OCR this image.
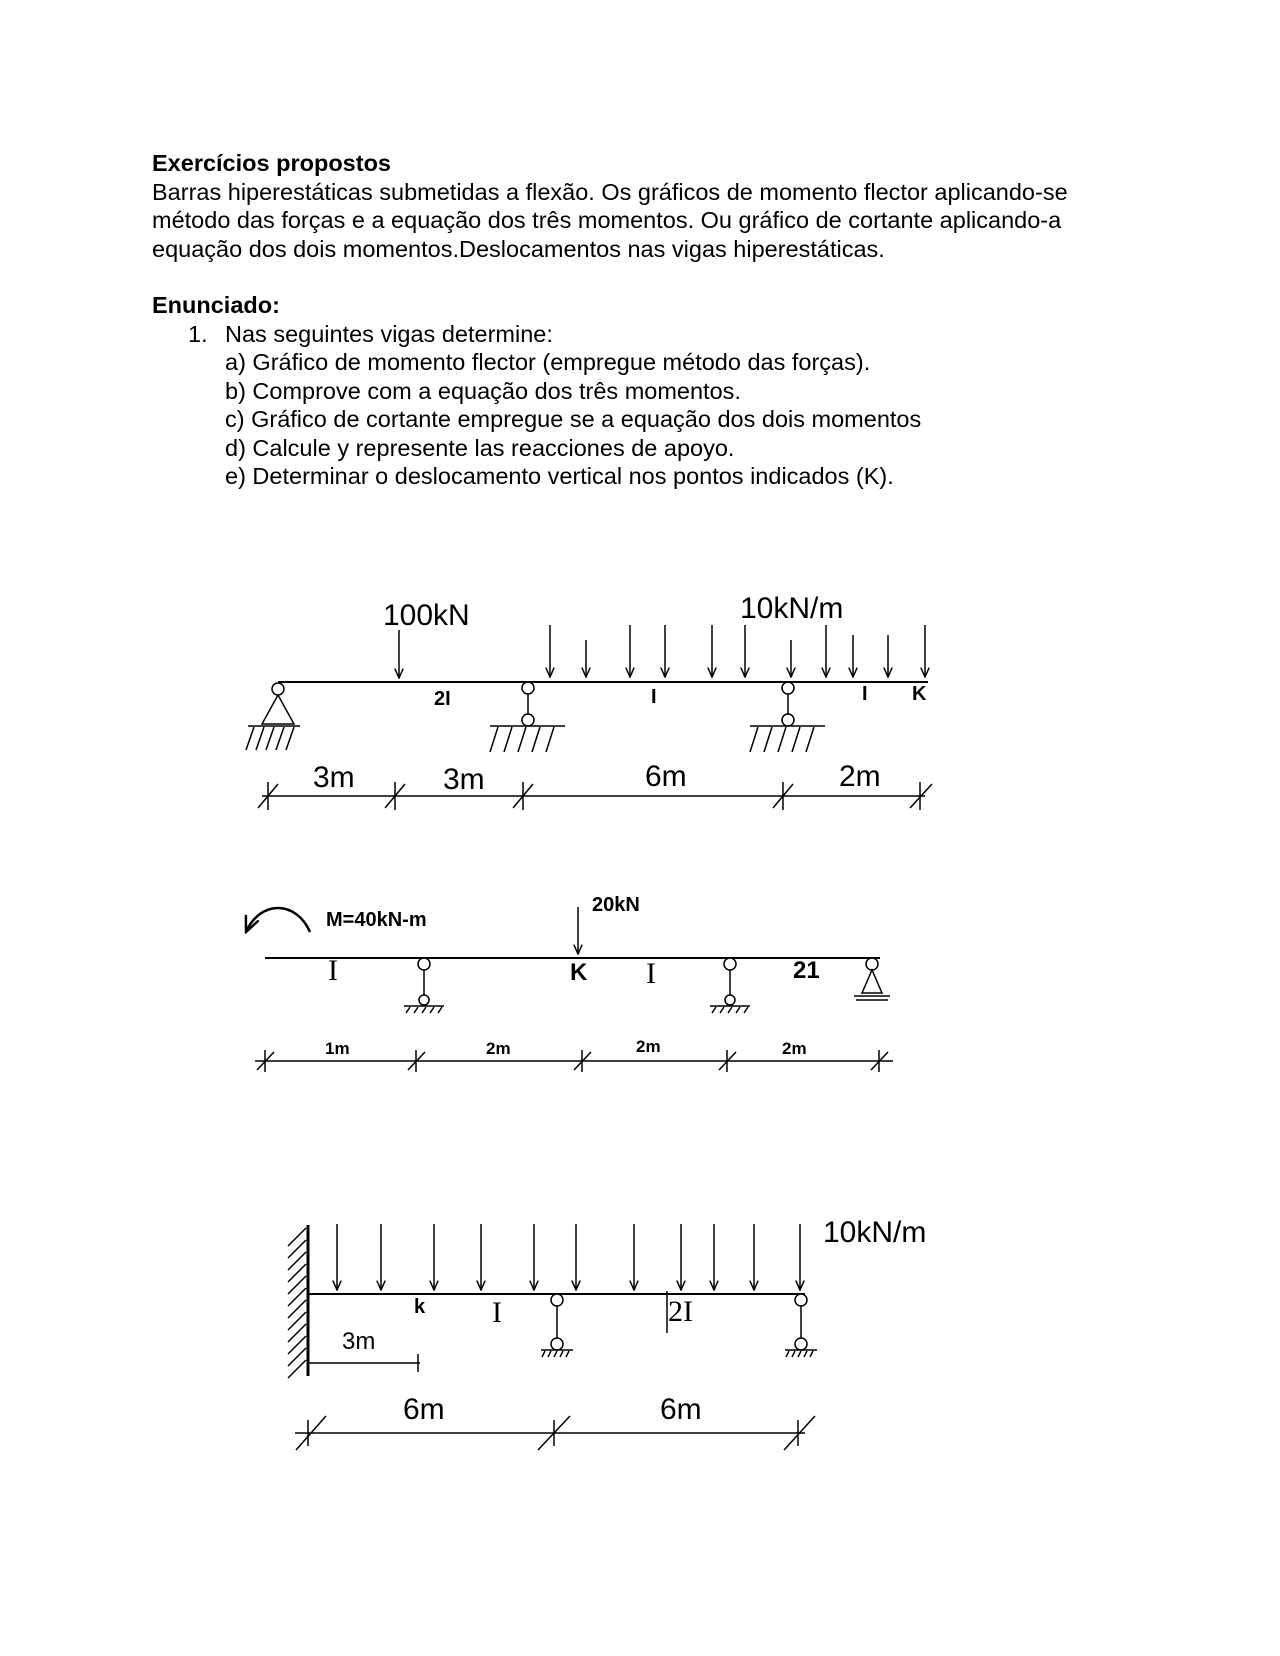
Exercícios propostos

Barras hiperestáticas submetidas a flexão. Os gráficos de momento flector aplicando-se

método das forças e a equação dos três momentos. Ou gráfico de cortante aplicando-a

equação dos dois momentos.Deslocamentos nas vigas hiperestáticas.

Enunciado:

1. Nas seguintes vigas determine:

a) Gráfico de momento flector (empregue método das forças).

b) Comprove com a equação dos três momentos.

c) Gráfico de cortante empregue se a equação dos dois momentos

d) Calcule y represente las reacciones de apoyo.

e) Determinar o deslocamento vertical nos pontos indicados (K).

100kN	10kN/m
2I	I	I K
3m	3m	6m	2m
M=40kN-m
20kN
I	K I	21
1m	2m	2m	2m
10kN/m
k I	2I
3m
6m	6m
